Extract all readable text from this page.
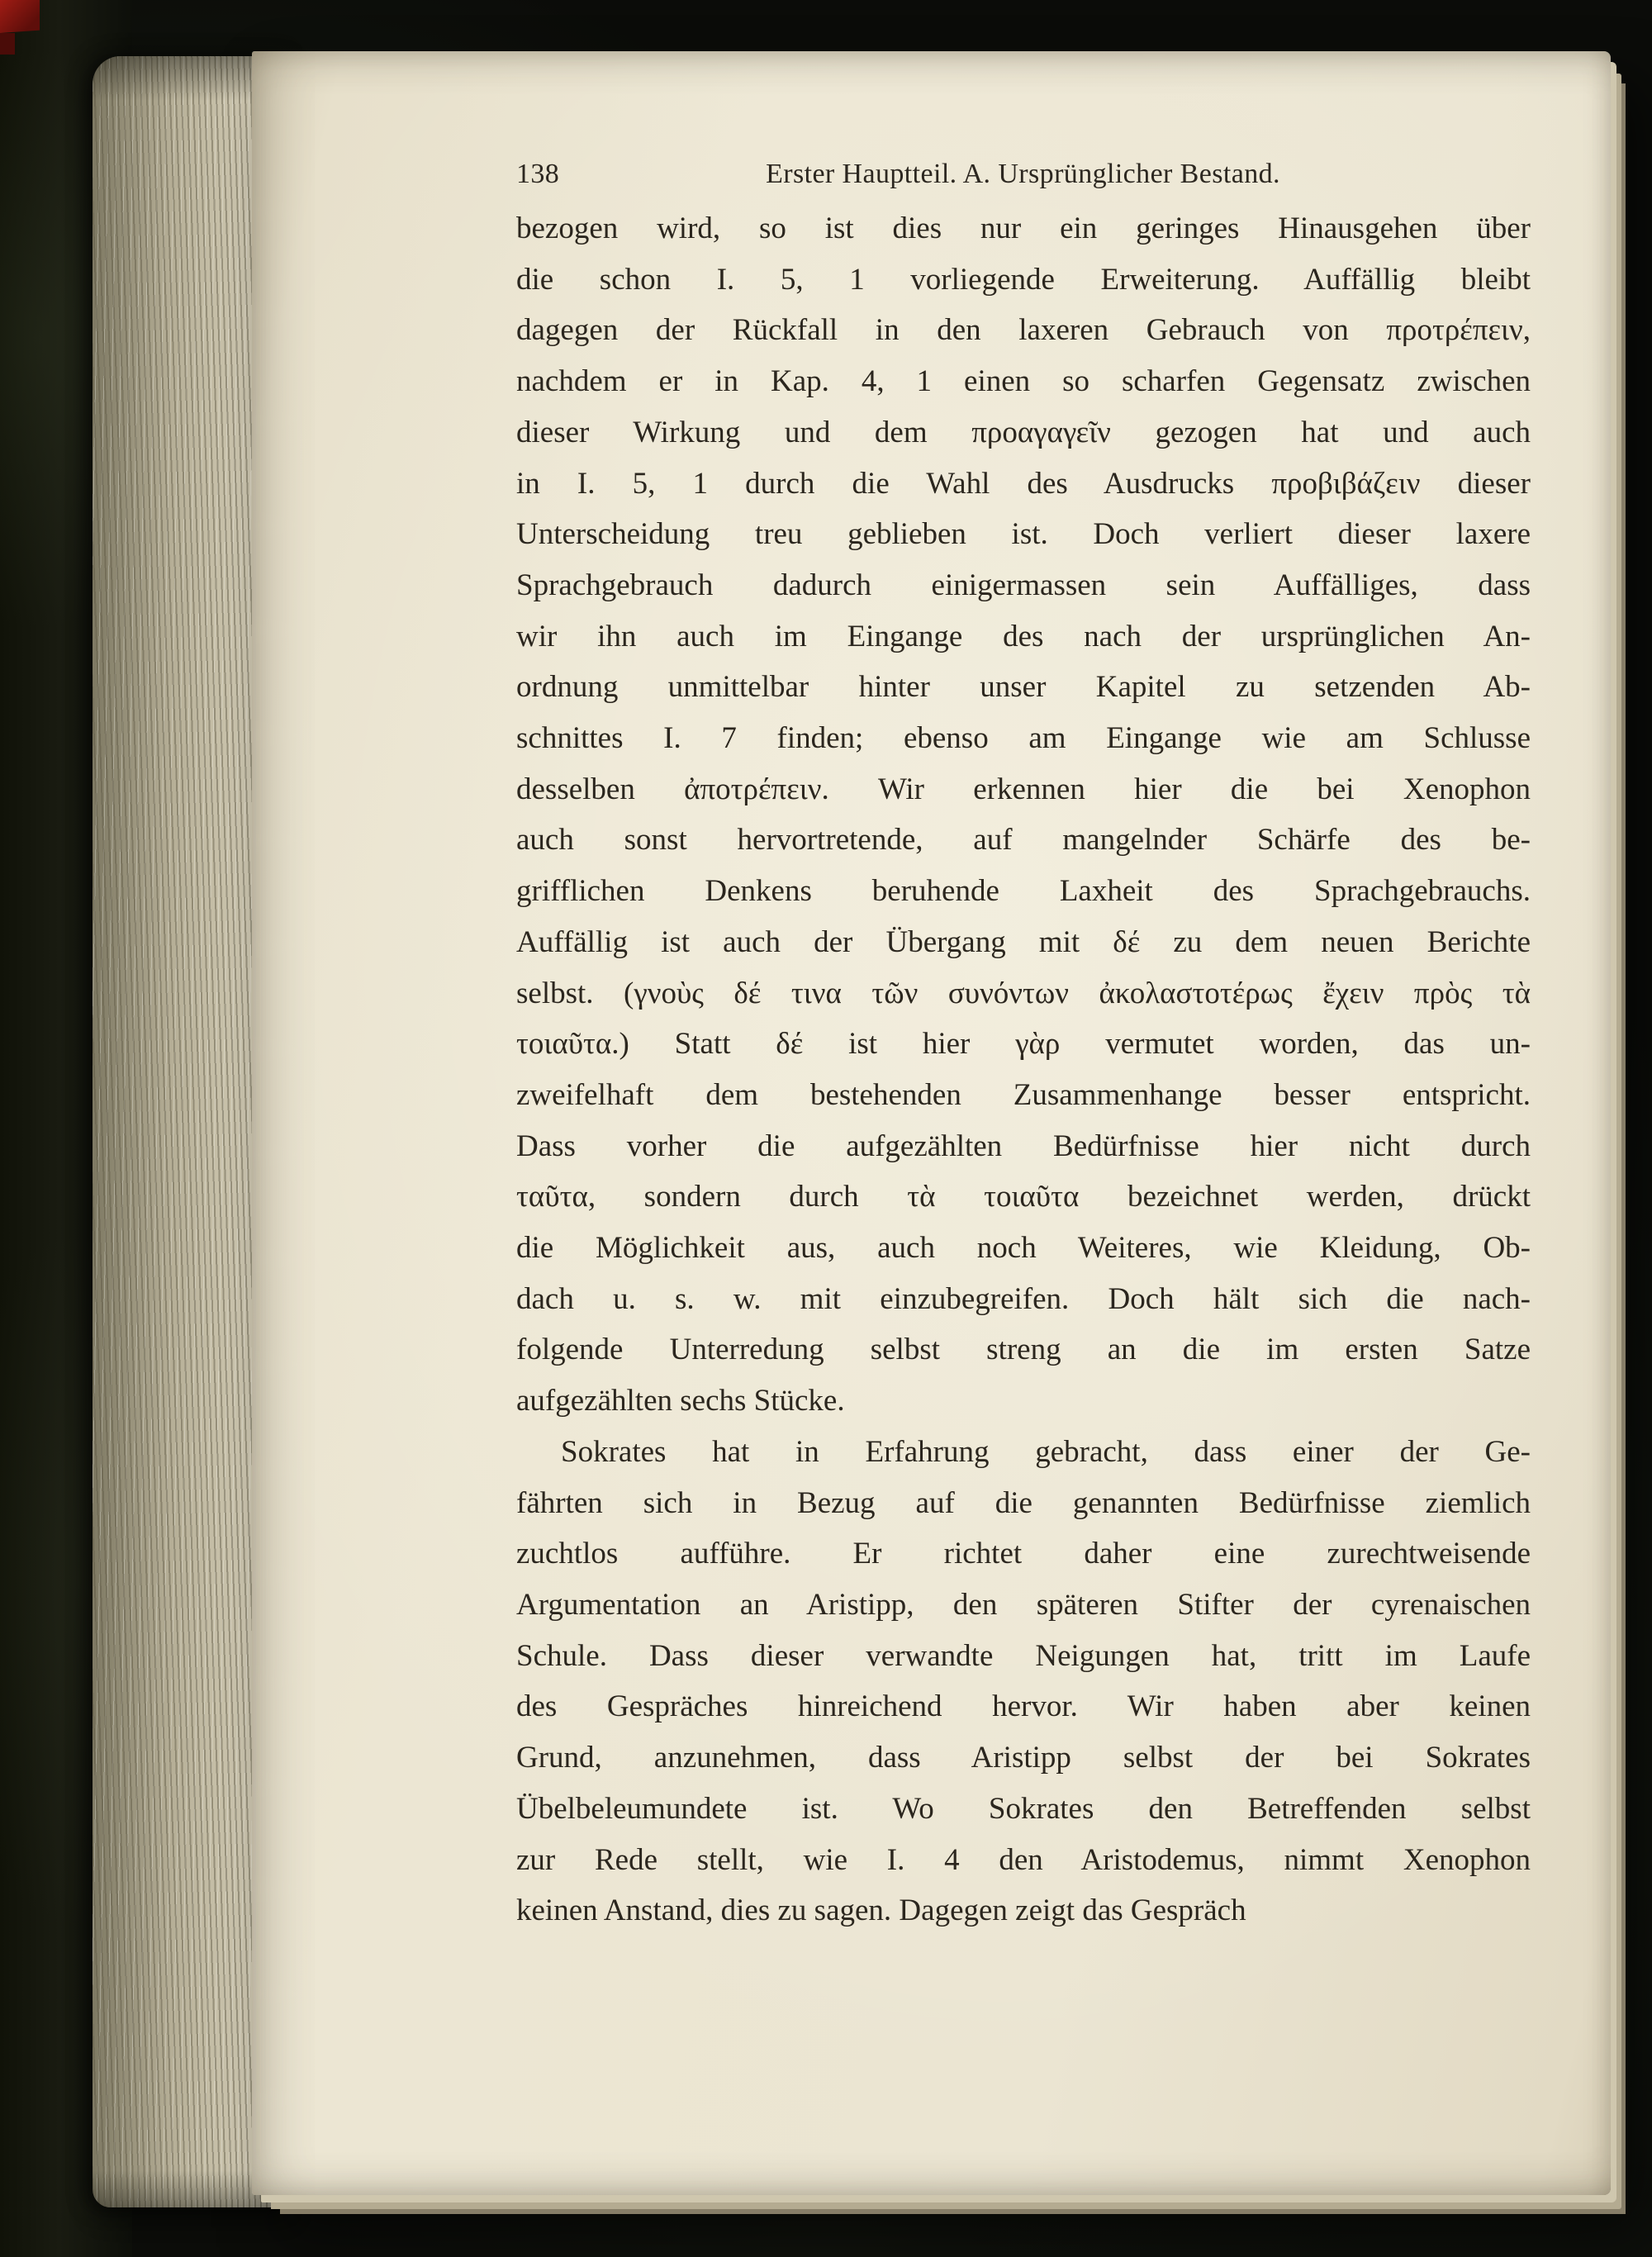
138	Erster Hauptteil. A. Ursprünglicher Bestand.
bezogen wird, so ist dies nur ein geringes Hinausgehen über
die schon I. 5, 1 vorliegende Erweiterung. Auffällig bleibt
dagegen der Rückfall in den laxeren Gebrauch von προτρέπειν,
nachdem er in Kap. 4, 1 einen so scharfen Gegensatz zwischen
dieser Wirkung und dem προαγαγεῖν gezogen hat und auch
in I. 5, 1 durch die Wahl des Ausdrucks προβιβάζειν dieser
Unterscheidung treu geblieben ist. Doch verliert dieser laxere
Sprachgebrauch dadurch einigermassen sein Auffälliges, dass
wir ihn auch im Eingange des nach der ursprünglichen An-
ordnung unmittelbar hinter unser Kapitel zu setzenden Ab-
schnittes I. 7 finden; ebenso am Eingange wie am Schlusse
desselben ἀποτρέπειν. Wir erkennen hier die bei Xenophon
auch sonst hervortretende, auf mangelnder Schärfe des be-
grifflichen Denkens beruhende Laxheit des Sprachgebrauchs.
Auffällig ist auch der Übergang mit δέ zu dem neuen Berichte
selbst. (γνοὺς δέ τινα τῶν συνόντων ἀκολαστοτέρως ἔχειν πρὸς τὰ
τοιαῦτα.) Statt δέ ist hier γὰρ vermutet worden, das un-
zweifelhaft dem bestehenden Zusammenhange besser entspricht.
Dass vorher die aufgezählten Bedürfnisse hier nicht durch
ταῦτα, sondern durch τὰ τοιαῦτα bezeichnet werden, drückt
die Möglichkeit aus, auch noch Weiteres, wie Kleidung, Ob-
dach u. s. w. mit einzubegreifen. Doch hält sich die nach-
folgende Unterredung selbst streng an die im ersten Satze
aufgezählten sechs Stücke.
Sokrates hat in Erfahrung gebracht, dass einer der Ge-
fährten sich in Bezug auf die genannten Bedürfnisse ziemlich
zuchtlos aufführe. Er richtet daher eine zurechtweisende
Argumentation an Aristipp, den späteren Stifter der cyrenaischen
Schule. Dass dieser verwandte Neigungen hat, tritt im Laufe
des Gespräches hinreichend hervor. Wir haben aber keinen
Grund, anzunehmen, dass Aristipp selbst der bei Sokrates
Übelbeleumundete ist. Wo Sokrates den Betreffenden selbst
zur Rede stellt, wie I. 4 den Aristodemus, nimmt Xenophon
keinen Anstand, dies zu sagen. Dagegen zeigt das Gespräch
